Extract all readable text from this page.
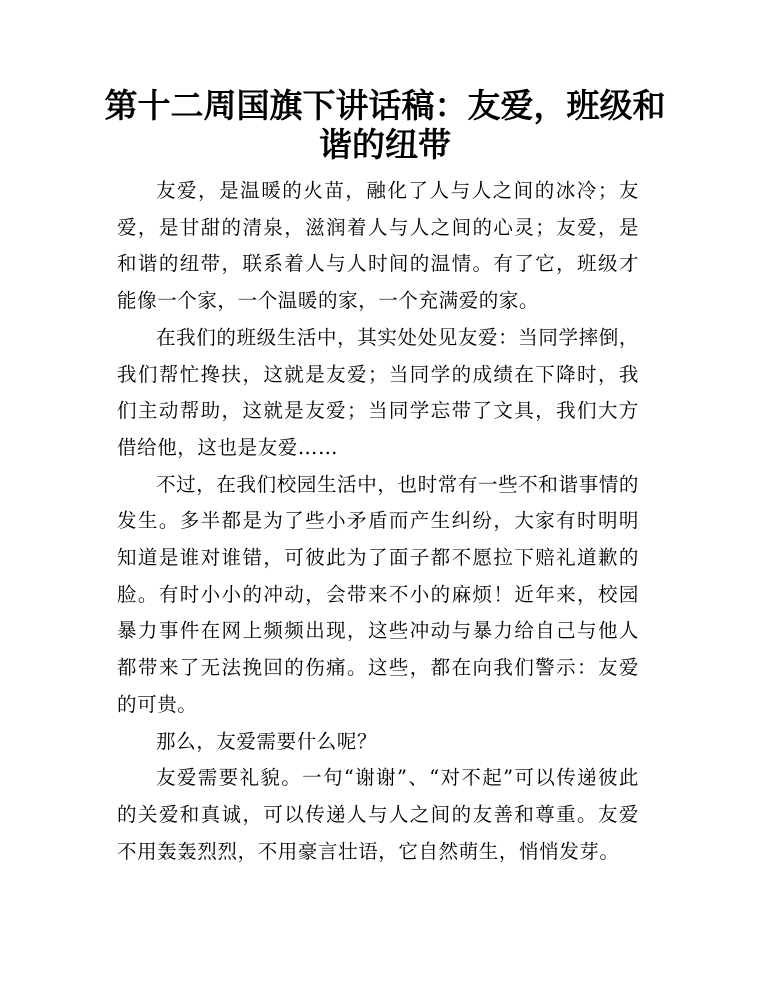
第十二周国旗下讲话稿：友爱，班级和谐的纽带

友爱，是温暖的火苗，融化了人与人之间的冰冷；友爱，是甘甜的清泉，滋润着人与人之间的心灵；友爱，是和谐的纽带，联系着人与人时间的温情。有了它，班级才能像一个家，一个温暖的家，一个充满爱的家。

在我们的班级生活中，其实处处见友爱：当同学摔倒，我们帮忙搀扶，这就是友爱；当同学的成绩在下降时，我们主动帮助，这就是友爱；当同学忘带了文具，我们大方借给他，这也是友爱……

不过，在我们校园生活中，也时常有一些不和谐事情的发生。多半都是为了些小矛盾而产生纠纷，大家有时明明知道是谁对谁错，可彼此为了面子都不愿拉下赔礼道歉的脸。有时小小的冲动，会带来不小的麻烦！近年来，校园暴力事件在网上频频出现，这些冲动与暴力给自己与他人都带来了无法挽回的伤痛。这些，都在向我们警示：友爱的可贵。

那么，友爱需要什么呢？

友爱需要礼貌。一句“谢谢”、“对不起”可以传递彼此的关爱和真诚，可以传递人与人之间的友善和尊重。友爱不用轰轰烈烈，不用豪言壮语，它自然萌生，悄悄发芽。
